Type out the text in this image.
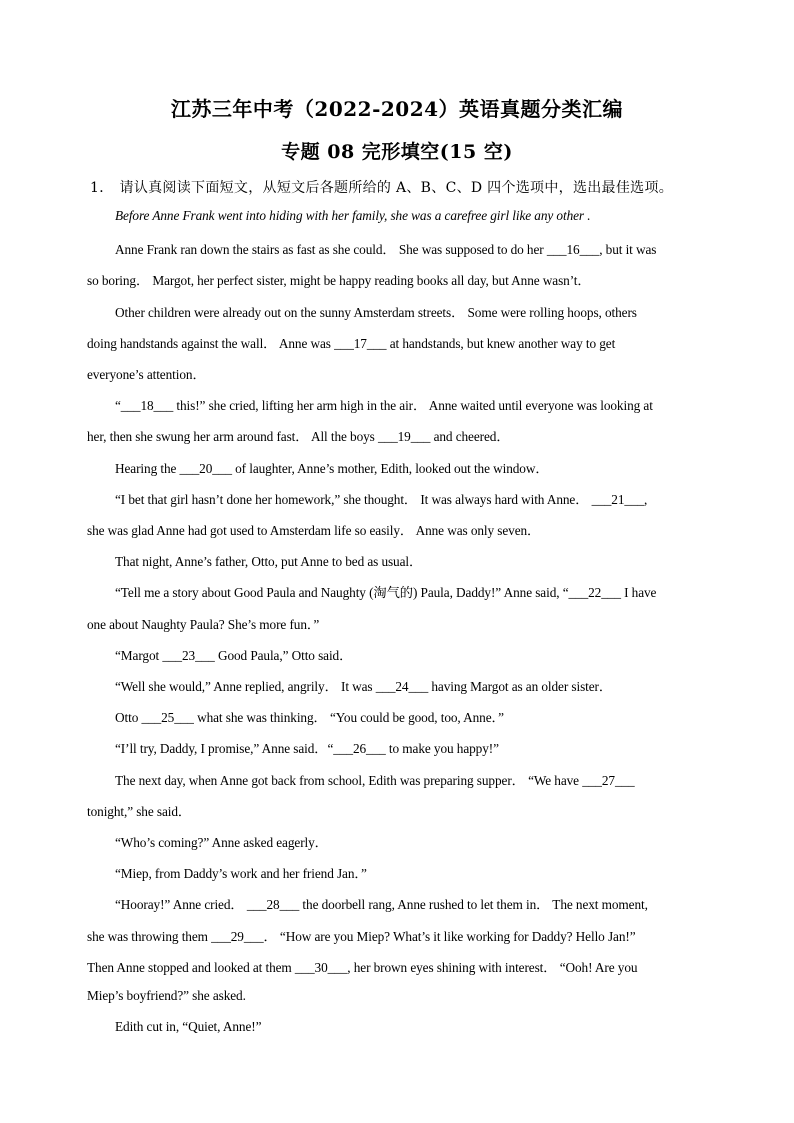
江苏三年中考（2022-2024）英语真题分类汇编
专题 08 完形填空(15 空)
1． 请认真阅读下面短文，从短文后各题所给的 A、B、C、D 四个选项中，选出最佳选项。
Before Anne Frank went into hiding with her family, she was a carefree girl like any other .
Anne Frank ran down the stairs as fast as she could． She was supposed to do her ___16___, but it was
so boring． Margot, her perfect sister, might be happy reading books all day, but Anne wasn’t．
Other children were already out on the sunny Amsterdam streets． Some were rolling hoops, others
doing handstands against the wall． Anne was ___17___ at handstands, but knew another way to get
everyone’s attention．
“___18___ this!” she cried, lifting her arm high in the air． Anne waited until everyone was looking at
her, then she swung her arm around fast． All the boys ___19___ and cheered．
Hearing the ___20___ of laughter, Anne’s mother, Edith, looked out the window．
“I bet that girl hasn’t done her homework,” she thought． It was always hard with Anne． ___21___,
she was glad Anne had got used to Amsterdam life so easily． Anne was only seven．
That night, Anne’s father, Otto, put Anne to bed as usual．
“Tell me a story about Good Paula and Naughty (淘气的) Paula, Daddy!” Anne said, “___22___ I have
one about Naughty Paula? She’s more fun．”
“Margot ___23___ Good Paula,” Otto said．
“Well she would,” Anne replied, angrily． It was ___24___ having Margot as an older sister．
Otto ___25___ what she was thinking． “You could be good, too, Anne．”
“I’ll try, Daddy, I promise,” Anne said．“___26___ to make you happy!”
The next day, when Anne got back from school, Edith was preparing supper． “We have ___27___
tonight,” she said．
“Who’s coming?” Anne asked eagerly．
“Miep, from Daddy’s work and her friend Jan．”
“Hooray!” Anne cried． ___28___ the doorbell rang, Anne rushed to let them in． The next moment,
she was throwing them ___29___． “How are you Miep? What’s it like working for Daddy? Hello Jan!”
Then Anne stopped and looked at them ___30___, her brown eyes shining with interest． “Ooh! Are you
Miep’s boyfriend?” she asked.
Edith cut in, “Quiet, Anne!”
